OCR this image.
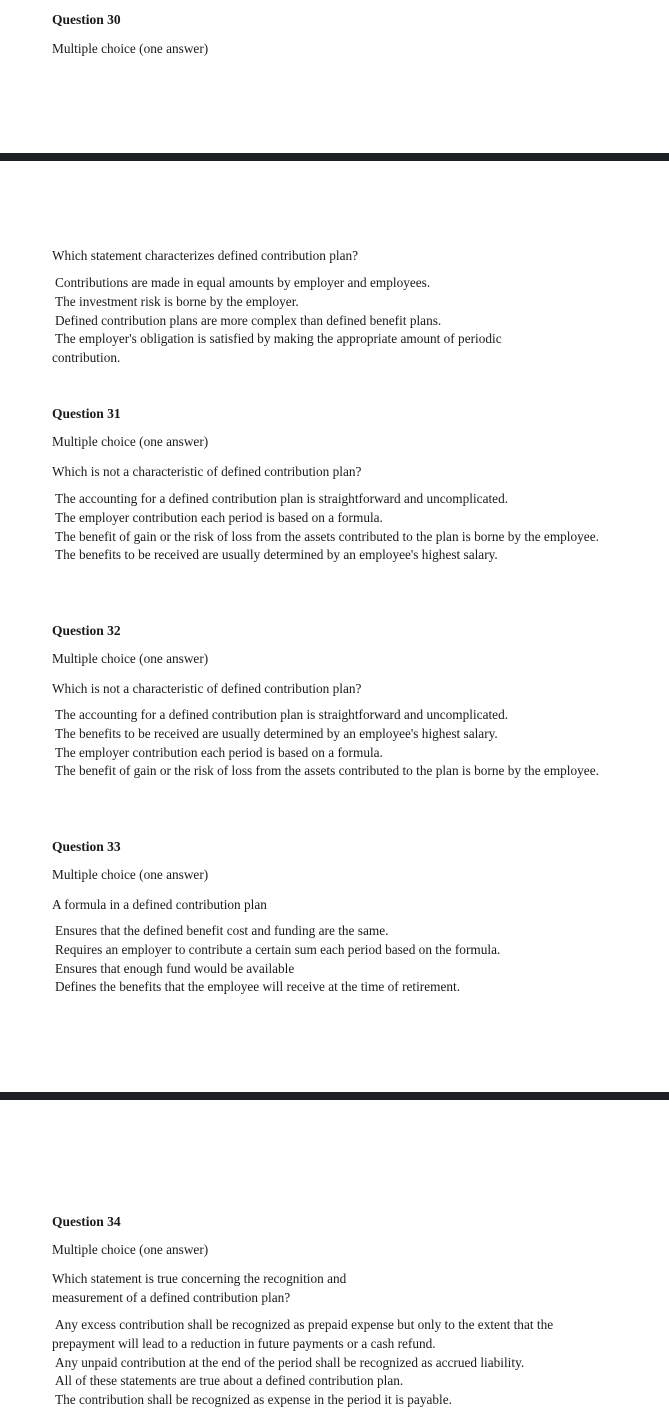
Question 30
Multiple choice (one answer)
Which statement characterizes defined contribution plan?
Contributions are made in equal amounts by employer and employees.
The investment risk is borne by the employer.
Defined contribution plans are more complex than defined benefit plans.
The employer's obligation is satisfied by making the appropriate amount of periodic contribution.
Question 31
Multiple choice (one answer)
Which is not a characteristic of defined contribution plan?
The accounting for a defined contribution plan is straightforward and uncomplicated.
The employer contribution each period is based on a formula.
The benefit of gain or the risk of loss from the assets contributed to the plan is borne by the employee.
The benefits to be received are usually determined by an employee's highest salary.
Question 32
Multiple choice (one answer)
Which is not a characteristic of defined contribution plan?
The accounting for a defined contribution plan is straightforward and uncomplicated.
The benefits to be received are usually determined by an employee's highest salary.
The employer contribution each period is based on a formula.
The benefit of gain or the risk of loss from the assets contributed to the plan is borne by the employee.
Question 33
Multiple choice (one answer)
A formula in a defined contribution plan
Ensures that the defined benefit cost and funding are the same.
Requires an employer to contribute a certain sum each period based on the formula.
Ensures that enough fund would be available
Defines the benefits that the employee will receive at the time of retirement.
Question 34
Multiple choice (one answer)
Which statement is true concerning the recognition and
measurement of a defined contribution plan?
Any excess contribution shall be recognized as prepaid expense but only to the extent that the prepayment will lead to a reduction in future payments or a cash refund.
Any unpaid contribution at the end of the period shall be recognized as accrued liability.
All of these statements are true about a defined contribution plan.
The contribution shall be recognized as expense in the period it is payable.
